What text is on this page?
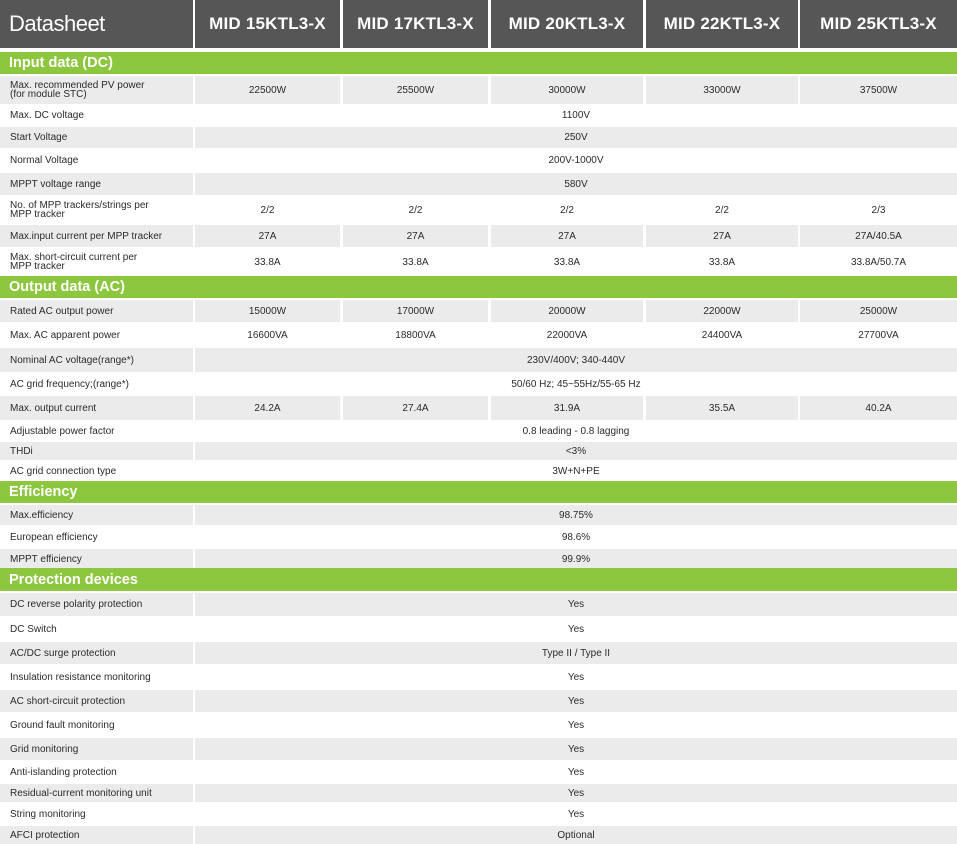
Datasheet	MID 15KTL3-X	MID 17KTL3-X	MID 20KTL3-X	MID 22KTL3-X	MID 25KTL3-X
Input data (DC)
Max. recommended PV power
(for module STC)	22500W	25500W	30000W	33000W	37500W
Max. DC voltage	1100V
Start Voltage	250V
Normal Voltage	200V-1000V
MPPT voltage range	580V
No. of MPP trackers/strings per
MPP tracker	2/2	2/2	2/2	2/2	2/3
Max.input current per MPP tracker	27A	27A	27A	27A	27A/40.5A
Max. short-circuit current per
MPP tracker	33.8A	33.8A	33.8A	33.8A	33.8A/50.7A
Output data (AC)
Rated AC output power	15000W	17000W	20000W	22000W	25000W
Max. AC apparent power	16600VA	18800VA	22000VA	24400VA	27700VA
Nominal AC voltage(range*)	230V/400V; 340-440V
AC grid frequency;(range*)	50/60 Hz; 45~55Hz/55-65 Hz
Max. output current	24.2A	27.4A	31.9A	35.5A	40.2A
Adjustable power factor	0.8 leading - 0.8 lagging
THDi	<3%
AC grid connection type	3W+N+PE
Efficiency
Max.efficiency	98.75%
European efficiency	98.6%
MPPT efficiency	99.9%
Protection devices
DC reverse polarity protection	Yes
DC Switch	Yes
AC/DC surge protection	Type II / Type II
Insulation resistance monitoring	Yes
AC short-circuit protection	Yes
Ground fault monitoring	Yes
Grid monitoring	Yes
Anti-islanding protection	Yes
Residual-current monitoring unit	Yes
String monitoring	Yes
AFCI protection	Optional
